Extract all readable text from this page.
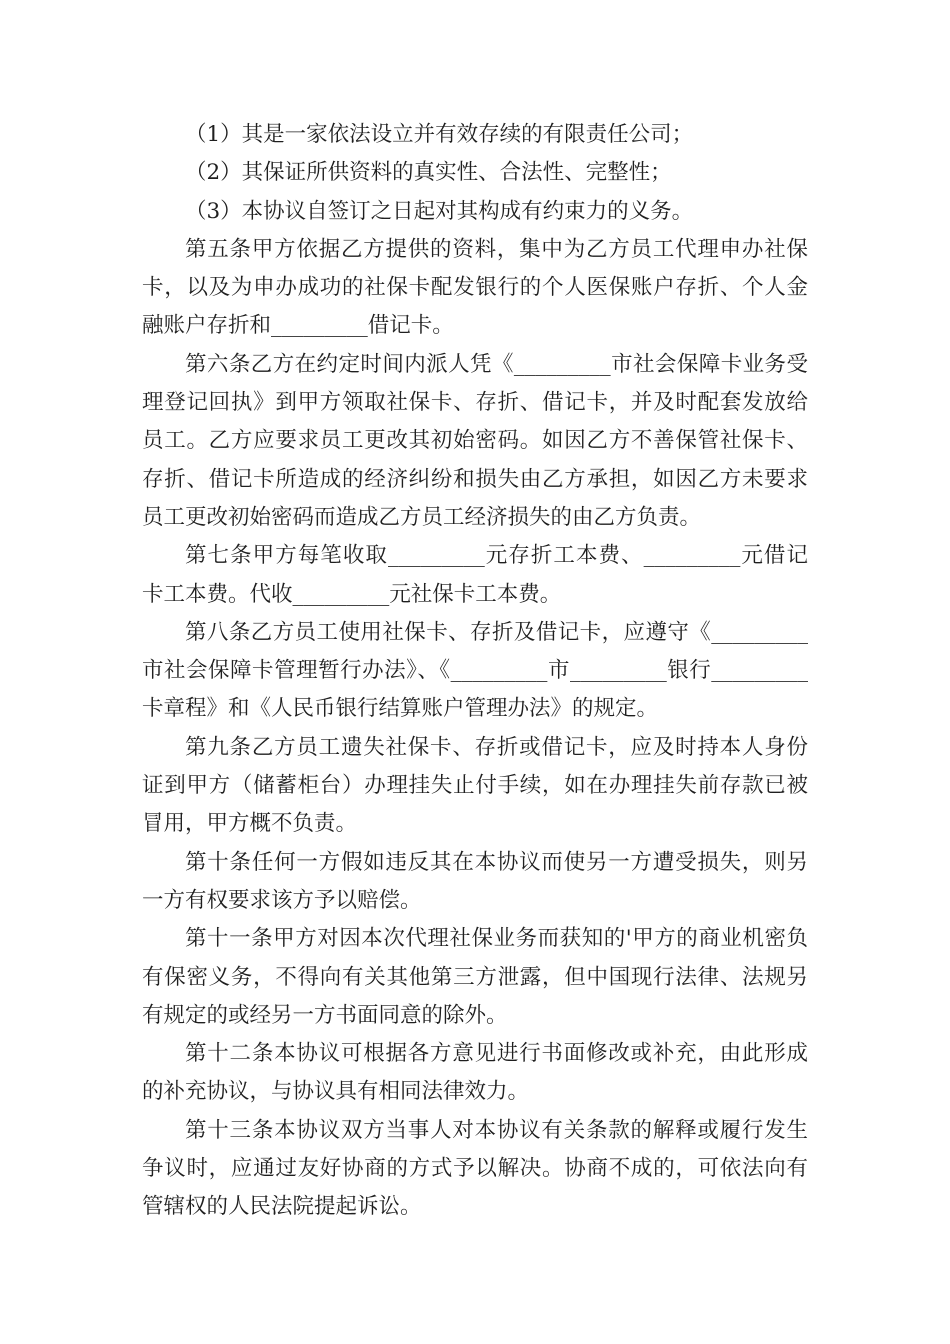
（1）其是一家依法设立并有效存续的有限责任公司；

（2）其保证所供资料的真实性、合法性、完整性；

（3）本协议自签订之日起对其构成有约束力的义务。

第五条甲方依据乙方提供的资料，集中为乙方员工代理申办社保卡，以及为申办成功的社保卡配发银行的个人医保账户存折、个人金融账户存折和_________借记卡。

第六条乙方在约定时间内派人凭《_________市社会保障卡业务受理登记回执》到甲方领取社保卡、存折、借记卡，并及时配套发放给员工。乙方应要求员工更改其初始密码。如因乙方不善保管社保卡、存折、借记卡所造成的经济纠纷和损失由乙方承担，如因乙方未要求员工更改初始密码而造成乙方员工经济损失的由乙方负责。

第七条甲方每笔收取_________元存折工本费、_________元借记卡工本费。代收_________元社保卡工本费。

第八条乙方员工使用社保卡、存折及借记卡，应遵守《_________市社会保障卡管理暂行办法》、《_________市_________银行_________卡章程》和《人民币银行结算账户管理办法》的规定。

第九条乙方员工遗失社保卡、存折或借记卡，应及时持本人身份证到甲方（储蓄柜台）办理挂失止付手续，如在办理挂失前存款已被冒用，甲方概不负责。

第十条任何一方假如违反其在本协议而使另一方遭受损失，则另一方有权要求该方予以赔偿。

第十一条甲方对因本次代理社保业务而获知的'甲方的商业机密负有保密义务，不得向有关其他第三方泄露，但中国现行法律、法规另有规定的或经另一方书面同意的除外。

第十二条本协议可根据各方意见进行书面修改或补充，由此形成的补充协议，与协议具有相同法律效力。

第十三条本协议双方当事人对本协议有关条款的解释或履行发生争议时，应通过友好协商的方式予以解决。协商不成的，可依法向有管辖权的人民法院提起诉讼。
